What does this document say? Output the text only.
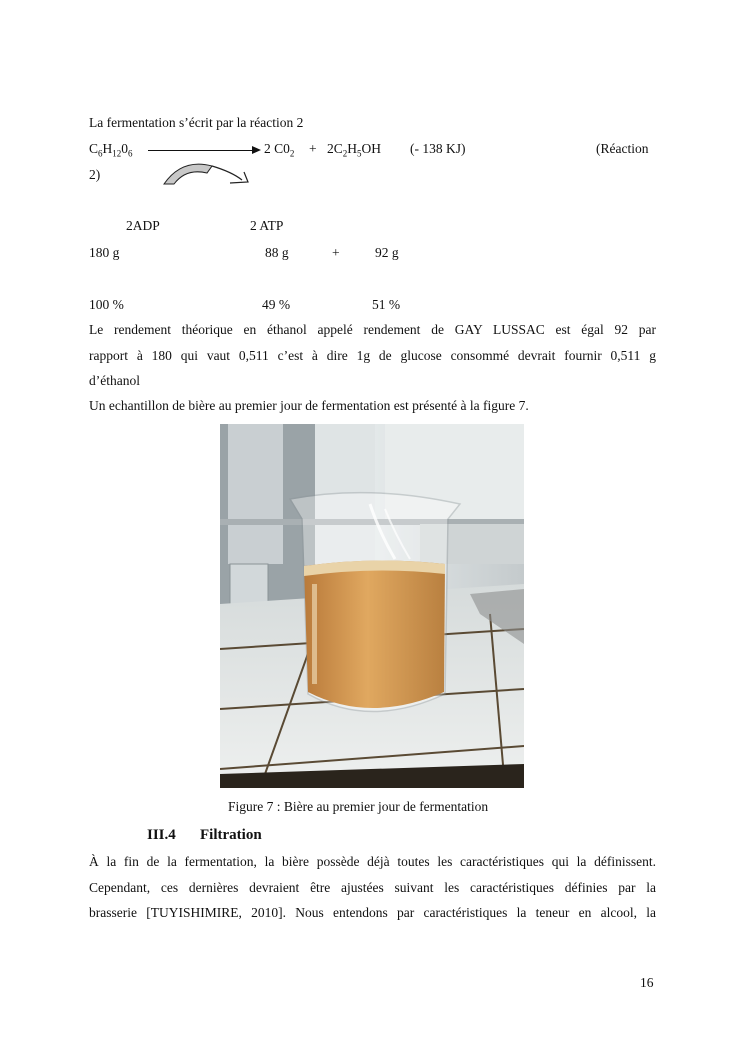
La fermentation s’écrit par la réaction 2
$C_6H_{12}0_6$	2 $C0_2 + 2C_2H_5OH$ (- 138 KJ)	(Réaction
2)
2ADP	2 ATP
180 g	88 g	+	92 g
100 %	49 %	51 %
Le rendement théorique en éthanol appelé rendement de GAY LUSSAC est égal 92 par
rapport à 180 qui vaut 0,511 c’est à dire 1g de glucose consommé devrait fournir 0,511 g
d’éthanol
Un echantillon de bière au premier jour de fermentation est présenté à la figure 7.
Figure 7 : Bière au premier jour de fermentation
III.4 Filtration
À la fin de la fermentation, la bière possède déjà toutes les caractéristiques qui la définissent.
Cependant, ces dernières devraient être ajustées suivant les caractéristiques définies par la
brasserie [TUYISHIMIRE, 2010]. Nous entendons par caractéristiques la teneur en alcool, la
16
